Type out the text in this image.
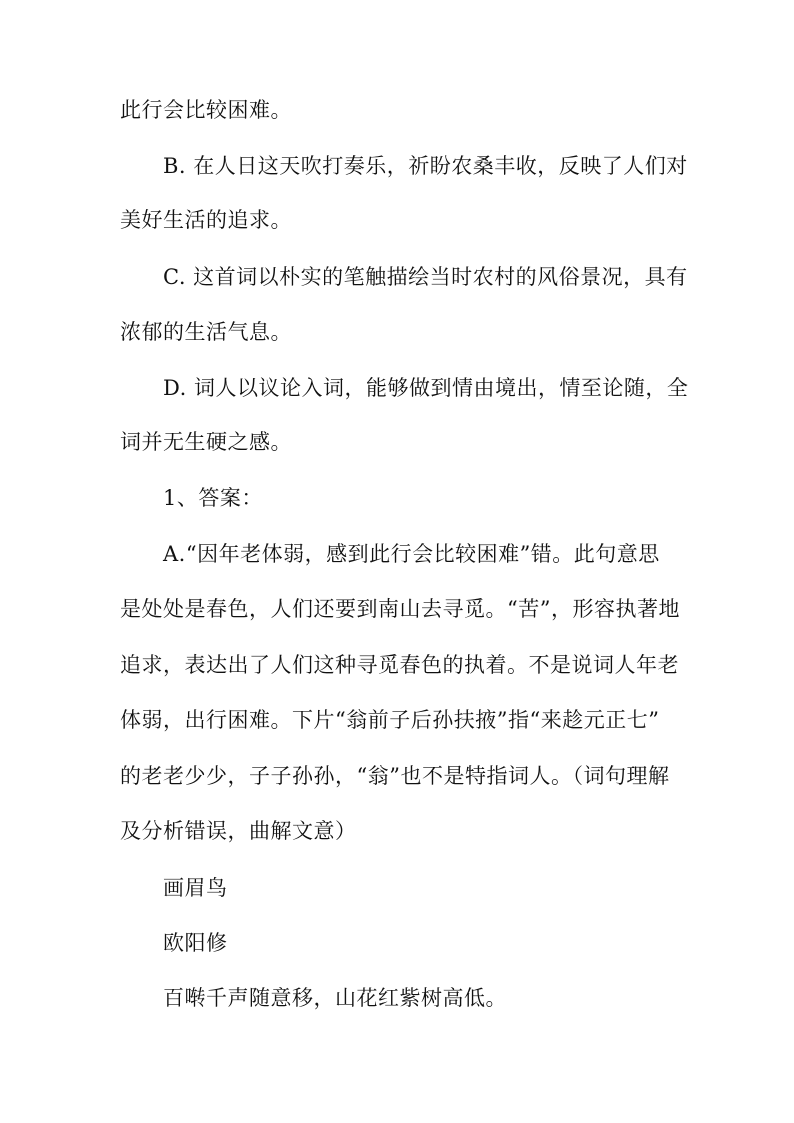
此行会比较困难。
B. 在人日这天吹打奏乐，祈盼农桑丰收，反映了人们对
美好生活的追求。
C. 这首词以朴实的笔触描绘当时农村的风俗景况，具有
浓郁的生活气息。
D. 词人以议论入词，能够做到情由境出，情至论随，全
词并无生硬之感。
1、答案：
A.“因年老体弱，感到此行会比较困难”错。此句意思
是处处是春色，人们还要到南山去寻觅。“苦”，形容执著地
追求，表达出了人们这种寻觅春色的执着。不是说词人年老
体弱，出行困难。下片“翁前子后孙扶掖”指“来趁元正七”
的老老少少，子子孙孙，“翁”也不是特指词人。（词句理解
及分析错误，曲解文意）
画眉鸟
欧阳修
百啭千声随意移，山花红紫树高低。
